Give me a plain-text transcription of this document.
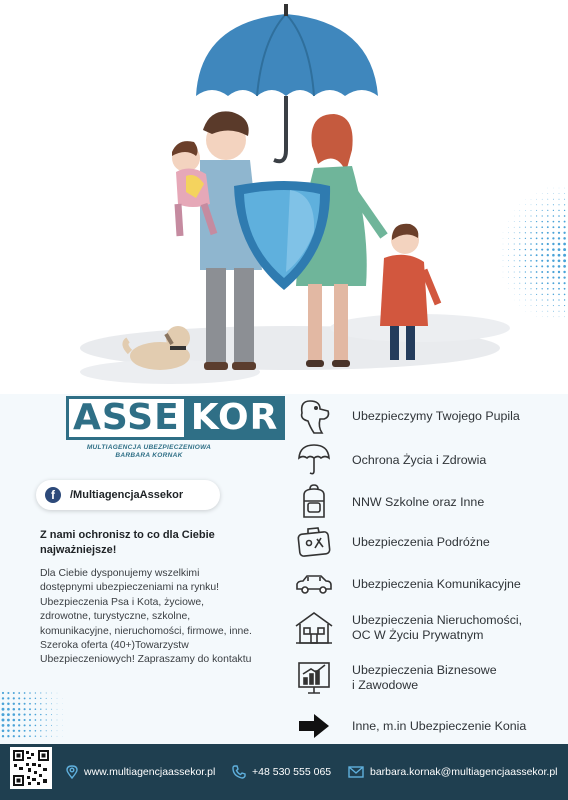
ASSE KOR
MULTIAGENCJA UBEZPIECZENIOWA
BARBARA KORNAK
f	/MultiagencjaAssekor
Z nami ochronisz to co dla Ciebie najważniejsze!

Dla Ciebie dysponujemy wszelkimi dostępnymi ubezpieczeniami na rynku! Ubezpieczenia Psa i Kota, życiowe, zdrowotne, turystyczne, szkolne, komunikacyjne, nieruchomości, firmowe, inne.

Szeroka oferta (40+)Towarzystw Ubezpieczeniowych! Zapraszamy do kontaktu

Ubezpieczymy Twojego Pupila
Ochrona Życia i Zdrowia
NNW Szkolne oraz Inne
Ubezpieczenia Podróżne
Ubezpieczenia Komunikacyjne
Ubezpieczenia Nieruchomości, OC W Życiu Prywatnym
Ubezpieczenia Biznesowe i Zawodowe
Inne, m.in Ubezpieczenie Konia
www.multiagencjaassekor.pl	+48 530 555 065	barbara.kornak@multiagencjaassekor.pl
